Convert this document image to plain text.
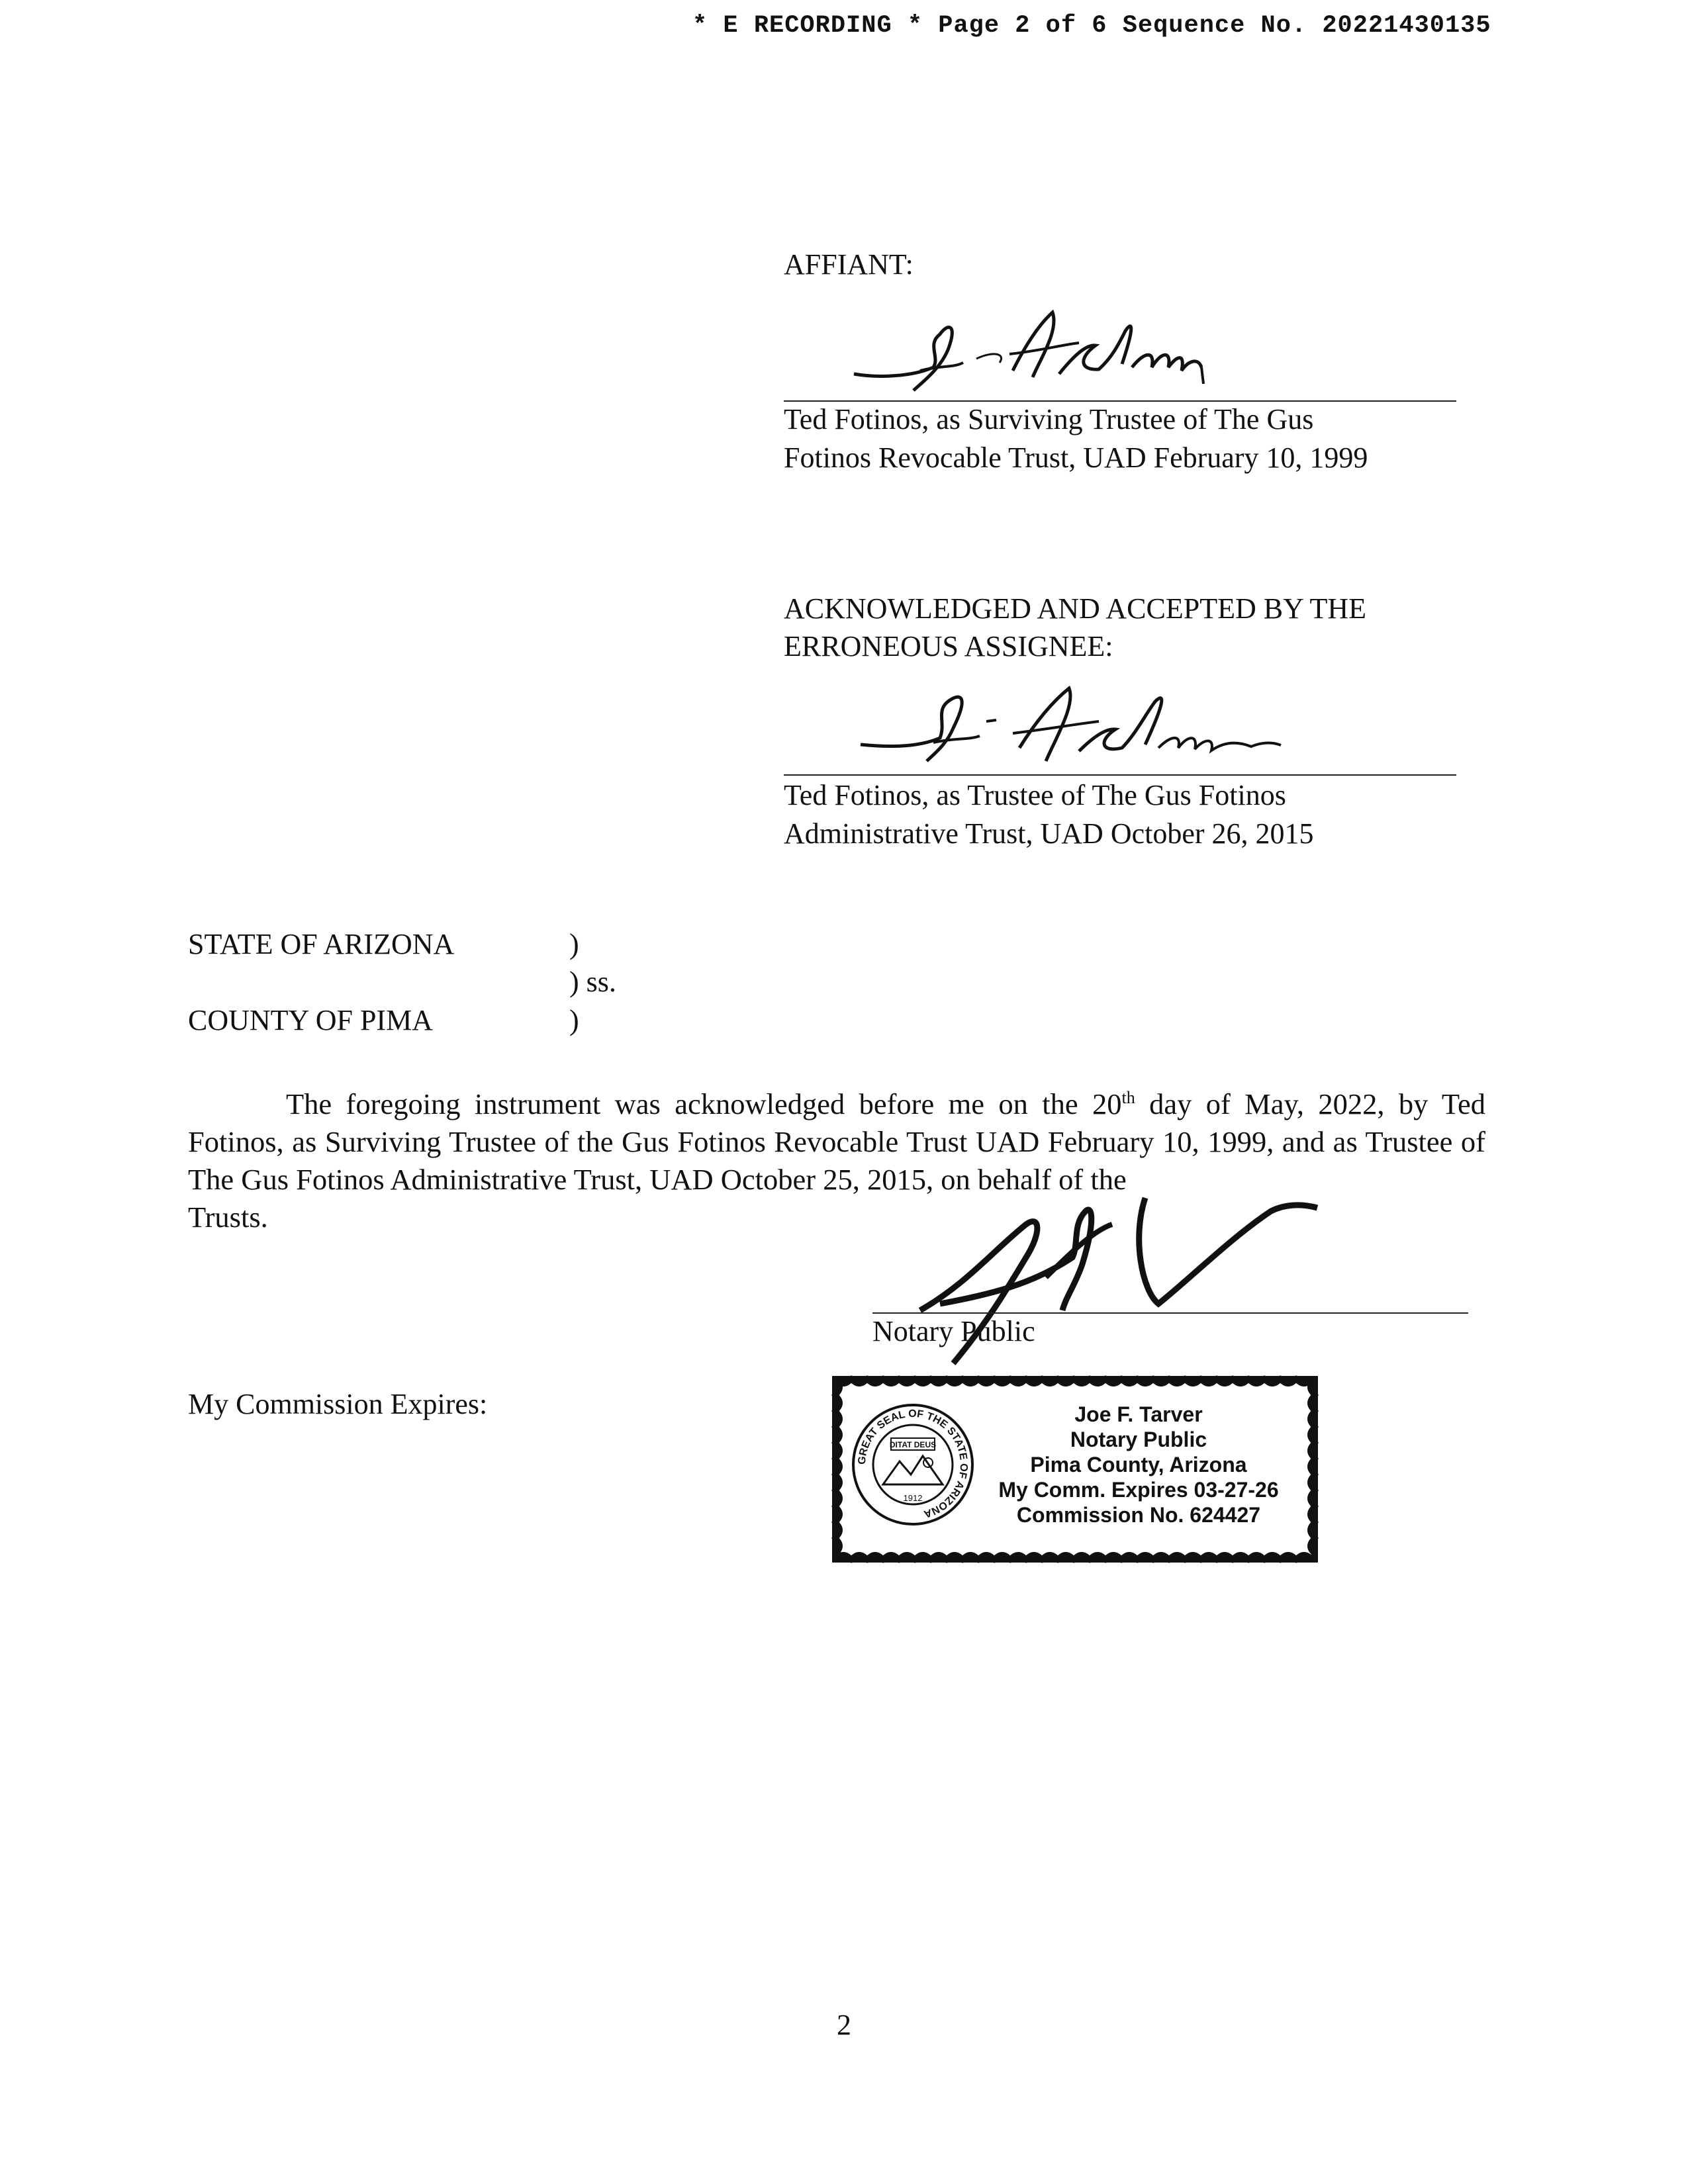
* E RECORDING * Page 2 of 6 Sequence No. 20221430135
AFFIANT:
Ted Fotinos, as Surviving Trustee of The Gus
Fotinos Revocable Trust, UAD February 10, 1999
ACKNOWLEDGED AND ACCEPTED BY THE
ERRONEOUS ASSIGNEE:
Ted Fotinos, as Trustee of The Gus Fotinos
Administrative Trust, UAD October 26, 2015
STATE OF ARIZONA	)
) ss.
COUNTY OF PIMA	)
The foregoing instrument was acknowledged before me on the 20th day of May, 2022, by Ted Fotinos, as Surviving Trustee of the Gus Fotinos Revocable Trust UAD February 10, 1999, and as Trustee of The Gus Fotinos Administrative Trust, UAD October 25, 2015, on behalf of the
Trusts.
Notary Public
My Commission Expires:
GREAT SEAL OF THE STATE OF ARIZONA
DITAT DEUS
1912
Joe F. Tarver
Notary Public
Pima County, Arizona
My Comm. Expires 03-27-26
Commission No. 624427
2
